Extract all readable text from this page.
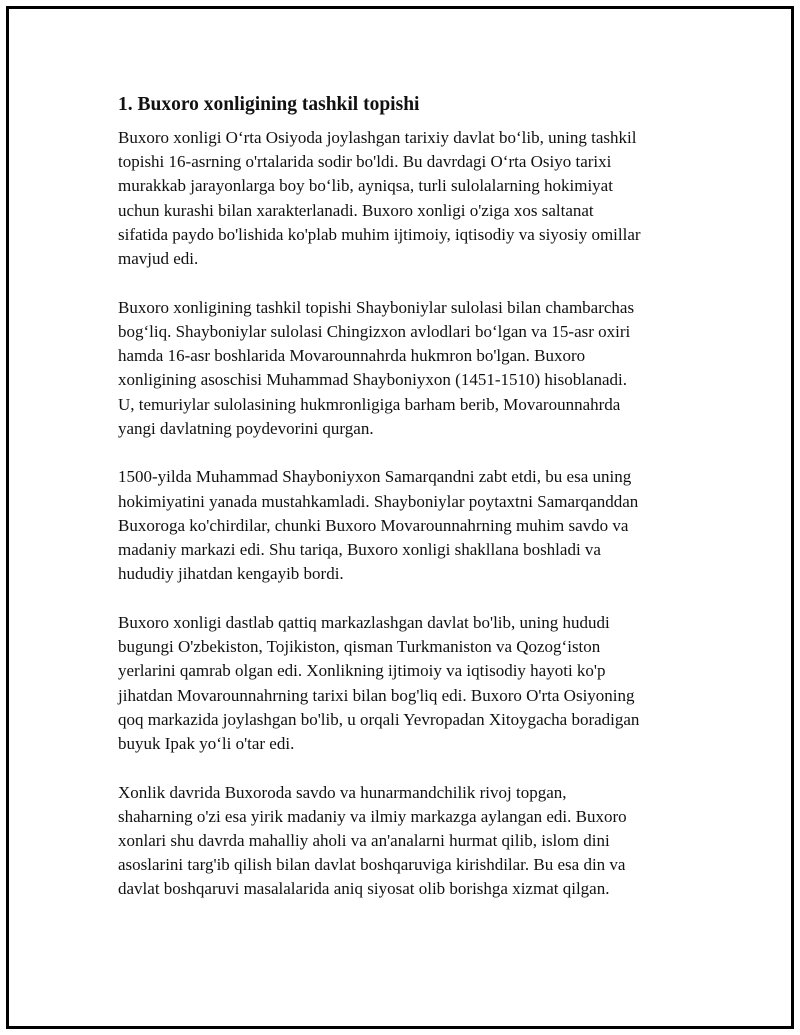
1. Buxoro xonligining tashkil topishi

Buxoro xonligi O‘rta Osiyoda joylashgan tarixiy davlat bo‘lib, uning tashkil
topishi 16-asrning o'rtalarida sodir bo'ldi. Bu davrdagi O‘rta Osiyo tarixi
murakkab jarayonlarga boy bo‘lib, ayniqsa, turli sulolalarning hokimiyat
uchun kurashi bilan xarakterlanadi. Buxoro xonligi o'ziga xos saltanat
sifatida paydo bo'lishida ko'plab muhim ijtimoiy, iqtisodiy va siyosiy omillar
mavjud edi.

Buxoro xonligining tashkil topishi Shayboniylar sulolasi bilan chambarchas
bog‘liq. Shayboniylar sulolasi Chingizxon avlodlari bo‘lgan va 15-asr oxiri
hamda 16-asr boshlarida Movarounnahrda hukmron bo'lgan. Buxoro
xonligining asoschisi Muhammad Shayboniyxon (1451-1510) hisoblanadi.
U, temuriylar sulolasining hukmronligiga barham berib, Movarounnahrda
yangi davlatning poydevorini qurgan.

1500-yilda Muhammad Shayboniyxon Samarqandni zabt etdi, bu esa uning
hokimiyatini yanada mustahkamladi. Shayboniylar poytaxtni Samarqanddan
Buxoroga ko'chirdilar, chunki Buxoro Movarounnahrning muhim savdo va
madaniy markazi edi. Shu tariqa, Buxoro xonligi shakllana boshladi va
hududiy jihatdan kengayib bordi.

Buxoro xonligi dastlab qattiq markazlashgan davlat bo'lib, uning hududi
bugungi O'zbekiston, Tojikiston, qisman Turkmaniston va Qozog‘iston
yerlarini qamrab olgan edi. Xonlikning ijtimoiy va iqtisodiy hayoti ko'p
jihatdan Movarounnahrning tarixi bilan bog'liq edi. Buxoro O'rta Osiyoning
qoq markazida joylashgan bo'lib, u orqali Yevropadan Xitoygacha boradigan
buyuk Ipak yo‘li o'tar edi.

Xonlik davrida Buxoroda savdo va hunarmandchilik rivoj topgan,
shaharning o'zi esa yirik madaniy va ilmiy markazga aylangan edi. Buxoro
xonlari shu davrda mahalliy aholi va an'analarni hurmat qilib, islom dini
asoslarini targ'ib qilish bilan davlat boshqaruviga kirishdilar. Bu esa din va
davlat boshqaruvi masalalarida aniq siyosat olib borishga xizmat qilgan.
